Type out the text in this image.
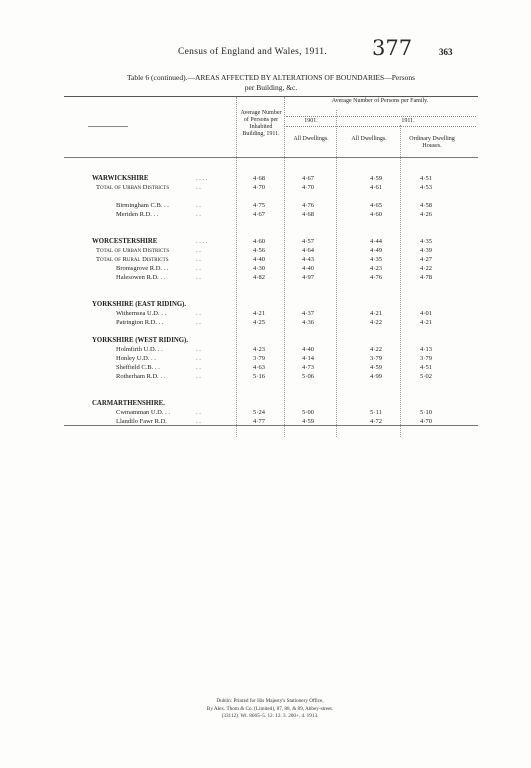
Census of England and Wales, 1911. 377	363
Table 6 (continued).—AREAS AFFECTED BY ALTERATIONS OF BOUNDARIES—Persons
per Building, &c.
Average Number of Persons per Inhabited Building, 1911.
Average Number of Persons per Family.
1901.	1911.
All Dwellings.	All Dwellings.	Ordinary Dwelling Houses.
WARWICKSHIRE	. . . .	4·68	4·67	4·59	4·51
Total of Urban Districts	. .	4·70	4·70	4·61	4·53
Birmingham C.B. . .	. .	4·75	4·76	4·65	4·58
Meriden R.D. . .	. .	4·67	4·68	4·60	4·26
WORCESTERSHIRE	. . . .	4·60	4·57	4·44	4·35
Total of Urban Districts	. .	4·56	4·64	4·49	4·39
Total of Rural Districts	. .	4·40	4·43	4·35	4·27
Bromsgrove R.D. . .	. .	4·30	4·40	4·23	4·22
Halesowen R.D. . .	. .	4·82	4·97	4·76	4·78
YORKSHIRE (EAST RIDING).
Withernsea U.D. . .	. .	4·21	4·37	4·21	4·01
Patrington R.D. . .	. .	4·25	4·36	4·22	4·21
YORKSHIRE (WEST RIDING).
Holmfirth U.D. . .	. .	4·23	4·40	4·22	4·13
Honley U.D. . .	. .	3·79	4·14	3·79	3·79
Sheffield C.B. . .	. .	4·63	4·73	4·59	4·51
Rotherham R.D. . .	. .	5·16	5·06	4·99	5·02
CARMARTHENSHIRE.
Cwmamman U.D. . .	. .	5·24	5·00	5·11	5·10
Llandilo Fawr R.D.	. .	4·77	4·59	4·72	4·70
Dublin: Printed for His Majesty's Stationery Office,
By Alex. Thom & Co. (Limited), 87, 88, & 89, Abbey-street.
(33112). Wt. 8665–5. 12. 12. 3. 200+. 4. 1913.
